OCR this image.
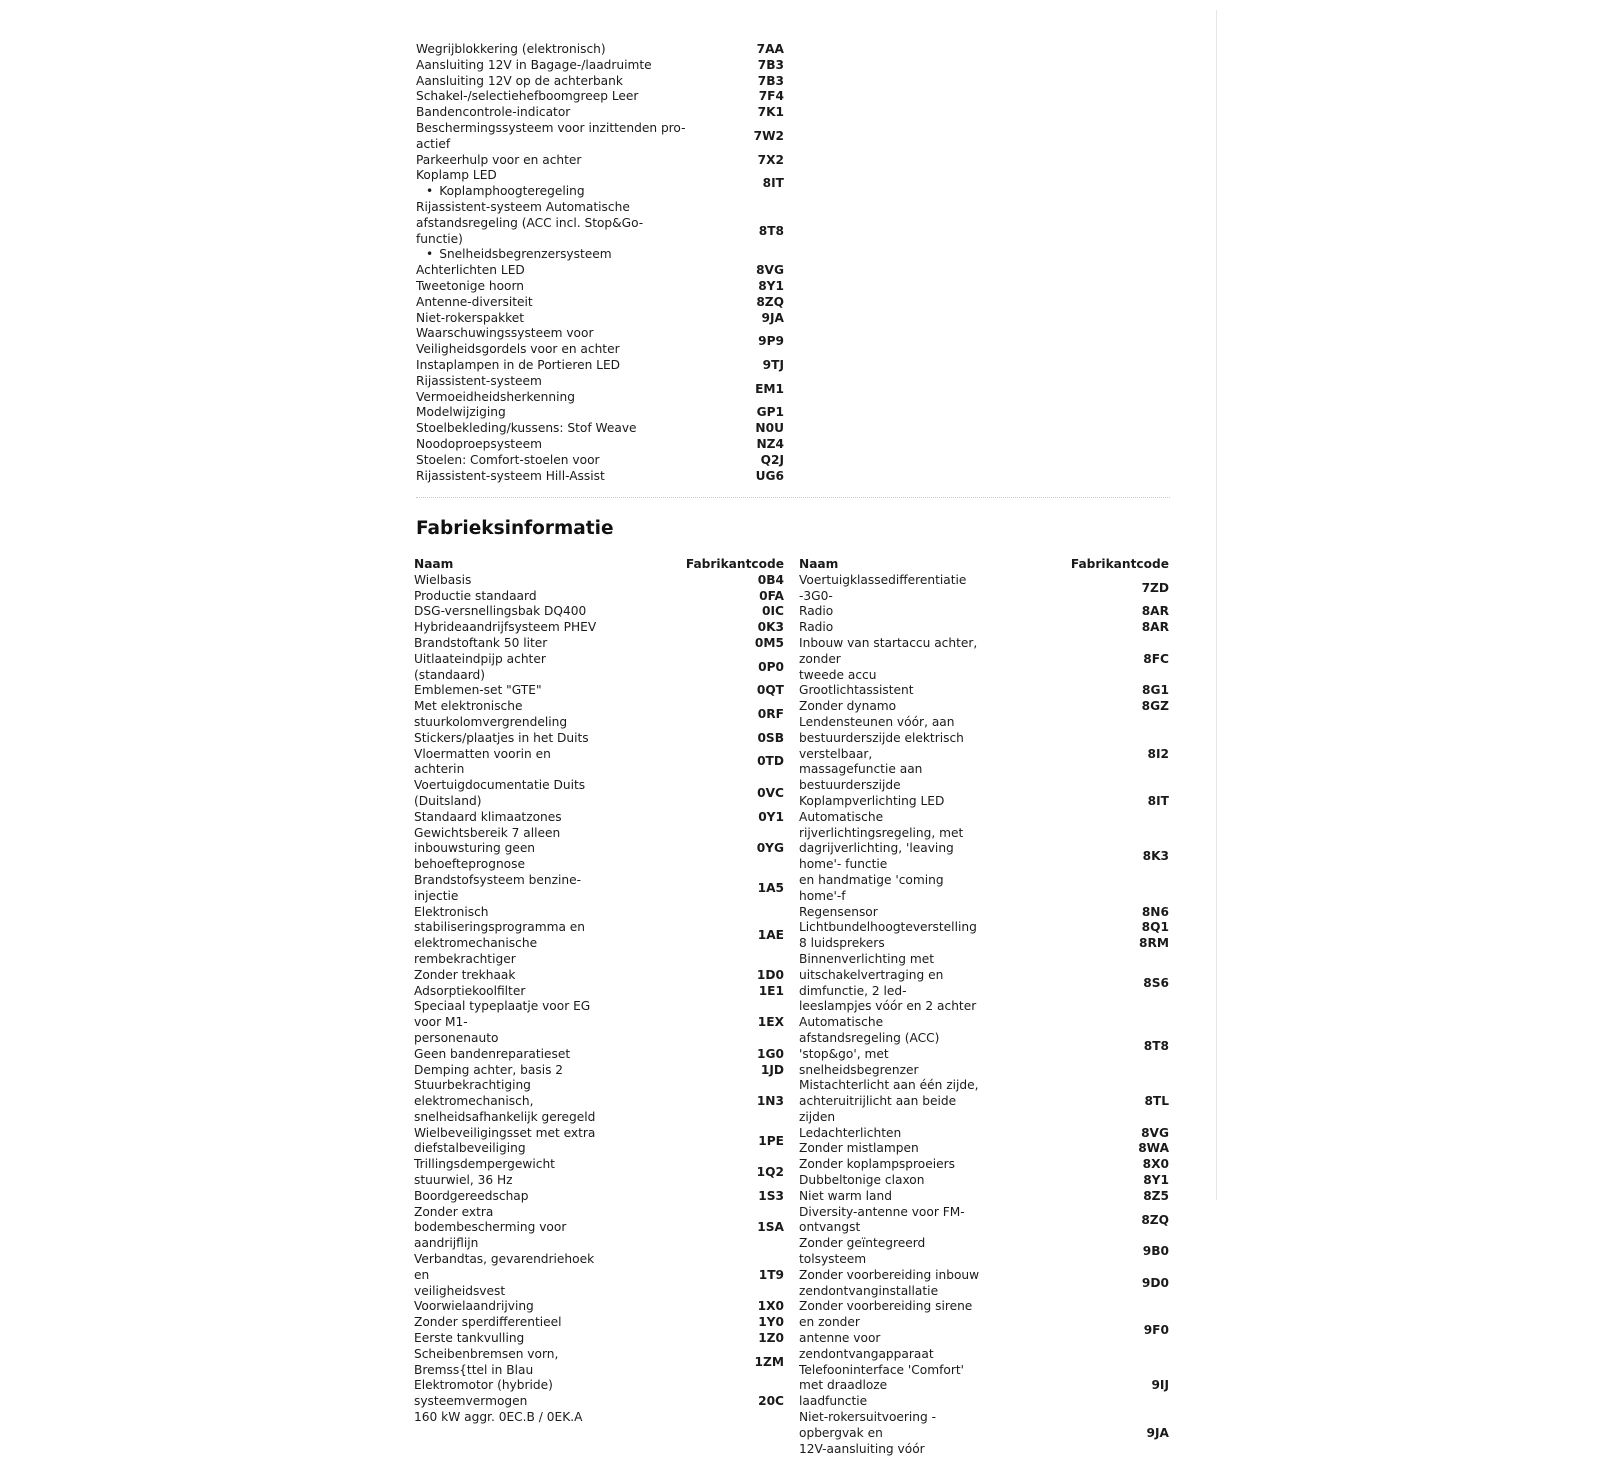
Wegrijblokkering (elektronisch)	7AA
Aansluiting 12V in Bagage-/laadruimte	7B3
Aansluiting 12V op de achterbank	7B3
Schakel-/selectiehefboomgreep Leer	7F4
Bandencontrole-indicator	7K1
Beschermingssysteem voor inzittenden pro-
actief	7W2
Parkeerhulp voor en achter	7X2
Koplamp LED
• Koplamphoogteregeling	8IT
Rijassistent-systeem Automatische
afstandsregeling (ACC incl. Stop&Go-
functie)
• Snelheidsbegrenzersysteem	8T8
Achterlichten LED	8VG
Tweetonige hoorn	8Y1
Antenne-diversiteit	8ZQ
Niet-rokerspakket	9JA
Waarschuwingssysteem voor
Veiligheidsgordels voor en achter	9P9
Instaplampen in de Portieren LED	9TJ
Rijassistent-systeem
Vermoeidheidsherkenning	EM1
Modelwijziging	GP1
Stoelbekleding/kussens: Stof Weave	N0U
Noodoproepsysteem	NZ4
Stoelen: Comfort-stoelen voor	Q2J
Rijassistent-systeem Hill-Assist	UG6
Fabrieksinformatie
Naam	Fabrikantcode
Wielbasis	0B4
Productie standaard	0FA
DSG-versnellingsbak DQ400	0IC
Hybrideaandrijfsysteem PHEV	0K3
Brandstoftank 50 liter	0M5
Uitlaateindpijp achter (standaard)	0P0
Emblemen-set "GTE"	0QT
Met elektronische stuurkolomvergrendeling	0RF
Stickers/plaatjes in het Duits	0SB
Vloermatten voorin en achterin	0TD
Voertuigdocumentatie Duits (Duitsland)	0VC
Standaard klimaatzones	0Y1
Gewichtsbereik 7 alleen inbouwsturing geen
behoefteprognose	0YG
Brandstofsysteem benzine-injectie	1A5
Elektronisch stabiliseringsprogramma en
elektromechanische rembekrachtiger	1AE
Zonder trekhaak	1D0
Adsorptiekoolfilter	1E1
Speciaal typeplaatje voor EG voor M1-
personenauto	1EX
Geen bandenreparatieset	1G0
Demping achter, basis 2	1JD
Stuurbekrachtiging elektromechanisch,
snelheidsafhankelijk geregeld	1N3
Wielbeveiligingsset met extra
diefstalbeveiliging	1PE
Trillingsdempergewicht stuurwiel, 36 Hz	1Q2
Boordgereedschap	1S3
Zonder extra bodembescherming voor
aandrijflijn	1SA
Verbandtas, gevarendriehoek en
veiligheidsvest	1T9
Voorwielaandrijving	1X0
Zonder sperdifferentieel	1Y0
Eerste tankvulling	1Z0
Scheibenbremsen vorn, Bremss{ttel in Blau	1ZM
Elektromotor (hybride) systeemvermogen
160 kW aggr. 0EC.B / 0EK.A	20C
Naam	Fabrikantcode
Voertuigklassedifferentiatie -3G0-	7ZD
Radio	8AR
Radio	8AR
Inbouw van startaccu achter, zonder
tweede accu	8FC
Grootlichtassistent	8G1
Zonder dynamo	8GZ
Lendensteunen vóór, aan
bestuurderszijde elektrisch verstelbaar,
massagefunctie aan bestuurderszijde	8I2
Koplampverlichting LED	8IT
Automatische rijverlichtingsregeling, met
dagrijverlichting, 'leaving home'- functie
en handmatige 'coming home'-f	8K3
Regensensor	8N6
Lichtbundelhoogteverstelling	8Q1
8 luidsprekers	8RM
Binnenverlichting met
uitschakelvertraging en dimfunctie, 2 led-
leeslampjes vóór en 2 achter	8S6
Automatische afstandsregeling (ACC)
'stop&go', met snelheidsbegrenzer	8T8
Mistachterlicht aan één zijde,
achteruitrijlicht aan beide zijden	8TL
Ledachterlichten	8VG
Zonder mistlampen	8WA
Zonder koplampsproeiers	8X0
Dubbeltonige claxon	8Y1
Niet warm land	8Z5
Diversity-antenne voor FM-ontvangst	8ZQ
Zonder geïntegreerd tolsysteem	9B0
Zonder voorbereiding inbouw
zendontvanginstallatie	9D0
Zonder voorbereiding sirene en zonder
antenne voor zendontvangapparaat	9F0
Telefooninterface 'Comfort' met draadloze
laadfunctie	9IJ
Niet-rokersuitvoering - opbergvak en
12V-aansluiting vóór	9JA
